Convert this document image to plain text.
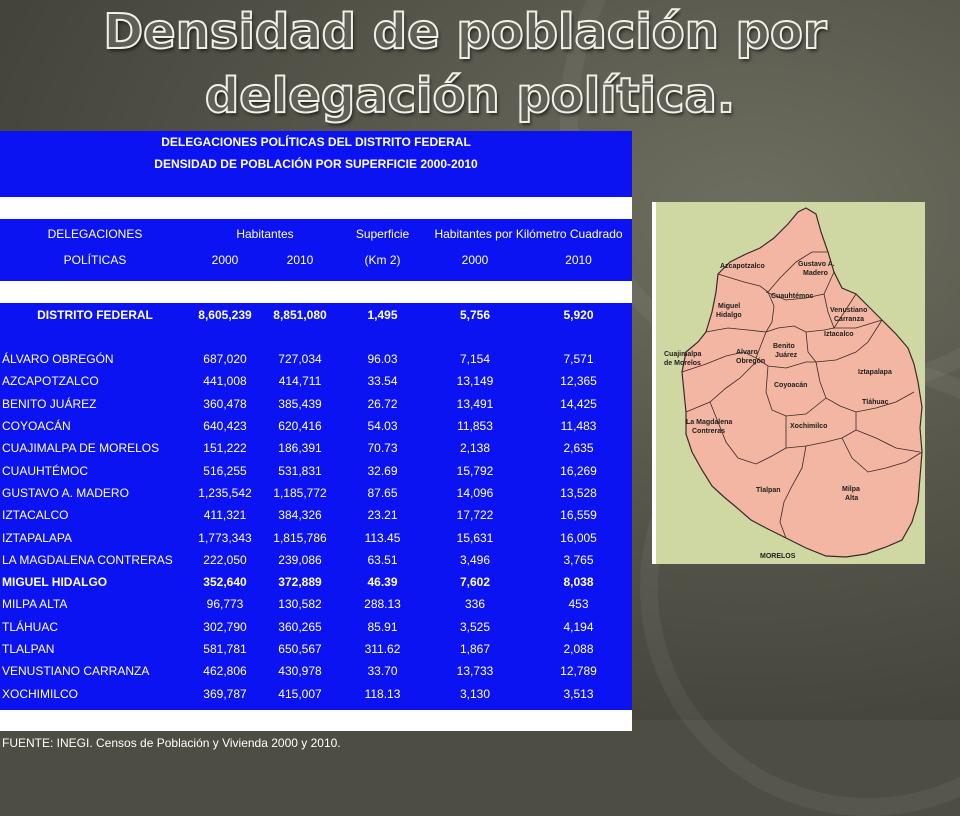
Densidad de población por
delegación política.
DELEGACIONES POLÍTICAS DEL DISTRITO FEDERAL					
DENSIDAD DE POBLACIÓN POR SUPERFICIE 2000-2010					

DELEGACIONES	Habitantes		Superficie	Habitantes por Kilómetro Cuadrado	
POLÍTICAS	2000	2010	(Km 2)	2000	2010

DISTRITO FEDERAL	8,605,239	8,851,080	1,495	5,756	5,920

ÁLVARO OBREGÓN	687,020	727,034	96.03	7,154	7,571
AZCAPOTZALCO	441,008	414,711	33.54	13,149	12,365
BENITO JUÁREZ	360,478	385,439	26.72	13,491	14,425
COYOACÁN	640,423	620,416	54.03	11,853	11,483
CUAJIMALPA DE MORELOS	151,222	186,391	70.73	2,138	2,635
CUAUHTÉMOC	516,255	531,831	32.69	15,792	16,269
GUSTAVO A. MADERO	1,235,542	1,185,772	87.65	14,096	13,528
IZTACALCO	411,321	384,326	23.21	17,722	16,559
IZTAPALAPA	1,773,343	1,815,786	113.45	15,631	16,005
LA MAGDALENA CONTRERAS	222,050	239,086	63.51	3,496	3,765
MIGUEL HIDALGO	352,640	372,889	46.39	7,602	8,038
MILPA ALTA	96,773	130,582	288.13	336	453
TLÁHUAC	302,790	360,265	85.91	3,525	4,194
TLALPAN	581,781	650,567	311.62	1,867	2,088
VENUSTIANO CARRANZA	462,806	430,978	33.70	13,733	12,789
XOCHIMILCO	369,787	415,007	118.13	3,130	3,513

FUENTE: INEGI. Censos de Población y Vivienda 2000 y 2010.					
Azcapotzalco	Gustavo A.
Madero
Cuauhtémoc
Miguel
Hidalgo
Venustiano
Carranza
Benito
Juárez
Iztacalco
Cuajimalpa
de Morelos
Alvaro
Obregón
Iztapalapa
Coyoacán
Tláhuac
La Magdalena
Contreras
Xochimilco
Tlalpan	Milpa
Alta
MORELOS
